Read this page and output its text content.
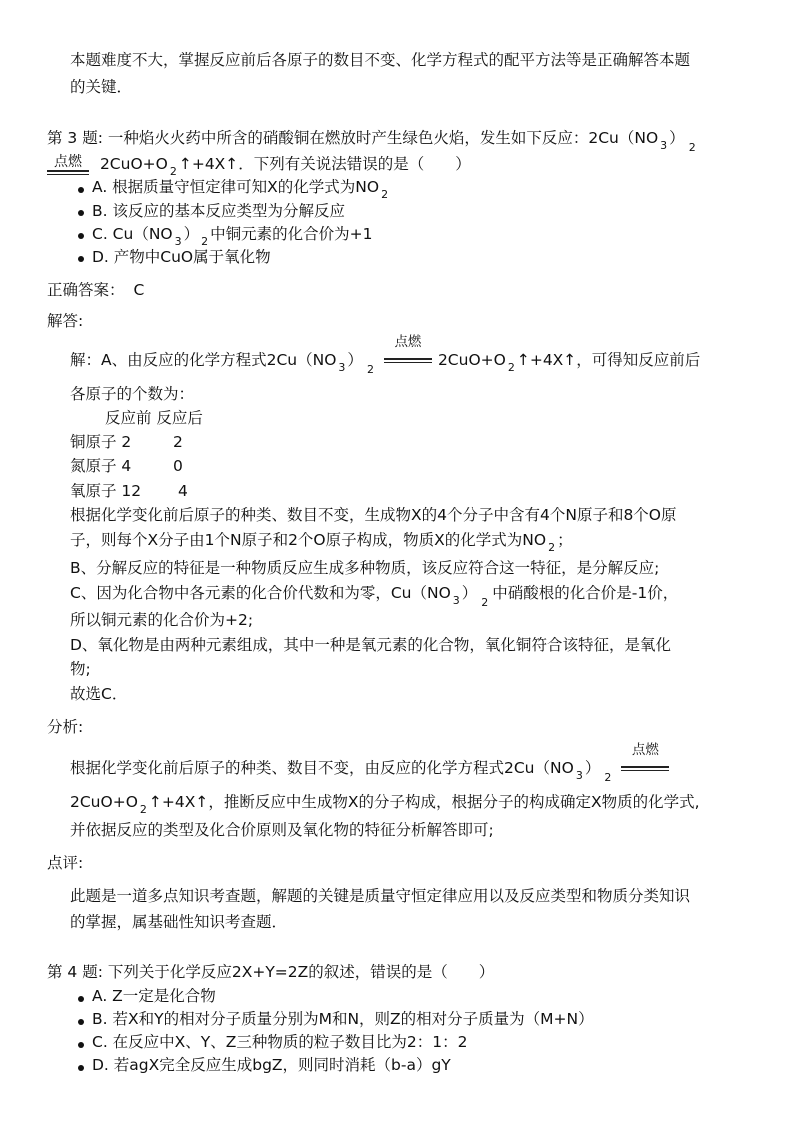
本题难度不大，掌握反应前后各原子的数目不变、化学方程式的配平方法等是正确解答本题
的关键．
第 3 题: 一种焰火火药中所含的硝酸铜在燃放时产生绿色火焰，发生如下反应：2Cu（NO $_3$ ）$_2$
点燃 2CuO+O $_2$ ↑+4X↑．下列有关说法错误的是（　　）
A. 根据质量守恒定律可知X的化学式为NO $_2$
B. 该反应的基本反应类型为分解反应
C. Cu（NO $_3$ ） $_2$ 中铜元素的化合价为+1
D. 产物中CuO属于氧化物
正确答案： C
解答:
解：A、由反应的化学方程式2Cu（NO $_3$ ）$_2$
点燃
2CuO+O $_2$ ↑+4X↑，可得知反应前后
各原子的个数为：
反应前 反应后
铜原子 2	2
氮原子 4	0
氧原子 12 4
根据化学变化前后原子的种类、数目不变，生成物X的4个分子中含有4个N原子和8个O原
子，则每个X分子由1个N原子和2个O原子构成，物质X的化学式为NO $_2$ ；
B、分解反应的特征是一种物质反应生成多种物质，该反应符合这一特征，是分解反应;
C、因为化合物中各元素的化合价代数和为零，Cu（NO $_3$ ）$_2$中硝酸根的化合价是-1价，
所以铜元素的化合价为+2;
D、氧化物是由两种元素组成，其中一种是氧元素的化合物，氧化铜符合该特征，是氧化
物;
故选C．
分析:
根据化学变化前后原子的种类、数目不变，由反应的化学方程式2Cu（NO $_3$ ）$_2$
点燃
2CuO+O $_2$ ↑+4X↑，推断反应中生成物X的分子构成，根据分子的构成确定X物质的化学式,
并依据反应的类型及化合价原则及氧化物的特征分析解答即可;
点评:
此题是一道多点知识考查题，解题的关键是质量守恒定律应用以及反应类型和物质分类知识
的掌握，属基础性知识考查题．
第 4 题: 下列关于化学反应2X+Y=2Z的叙述，错误的是（　　）
A. Z一定是化合物
B. 若X和Y的相对分子质量分别为M和N，则Z的相对分子质量为（M+N）
C. 在反应中X、Y、Z三种物质的粒子数目比为2：1：2
D. 若agX完全反应生成bgZ，则同时消耗（b-a）gY
